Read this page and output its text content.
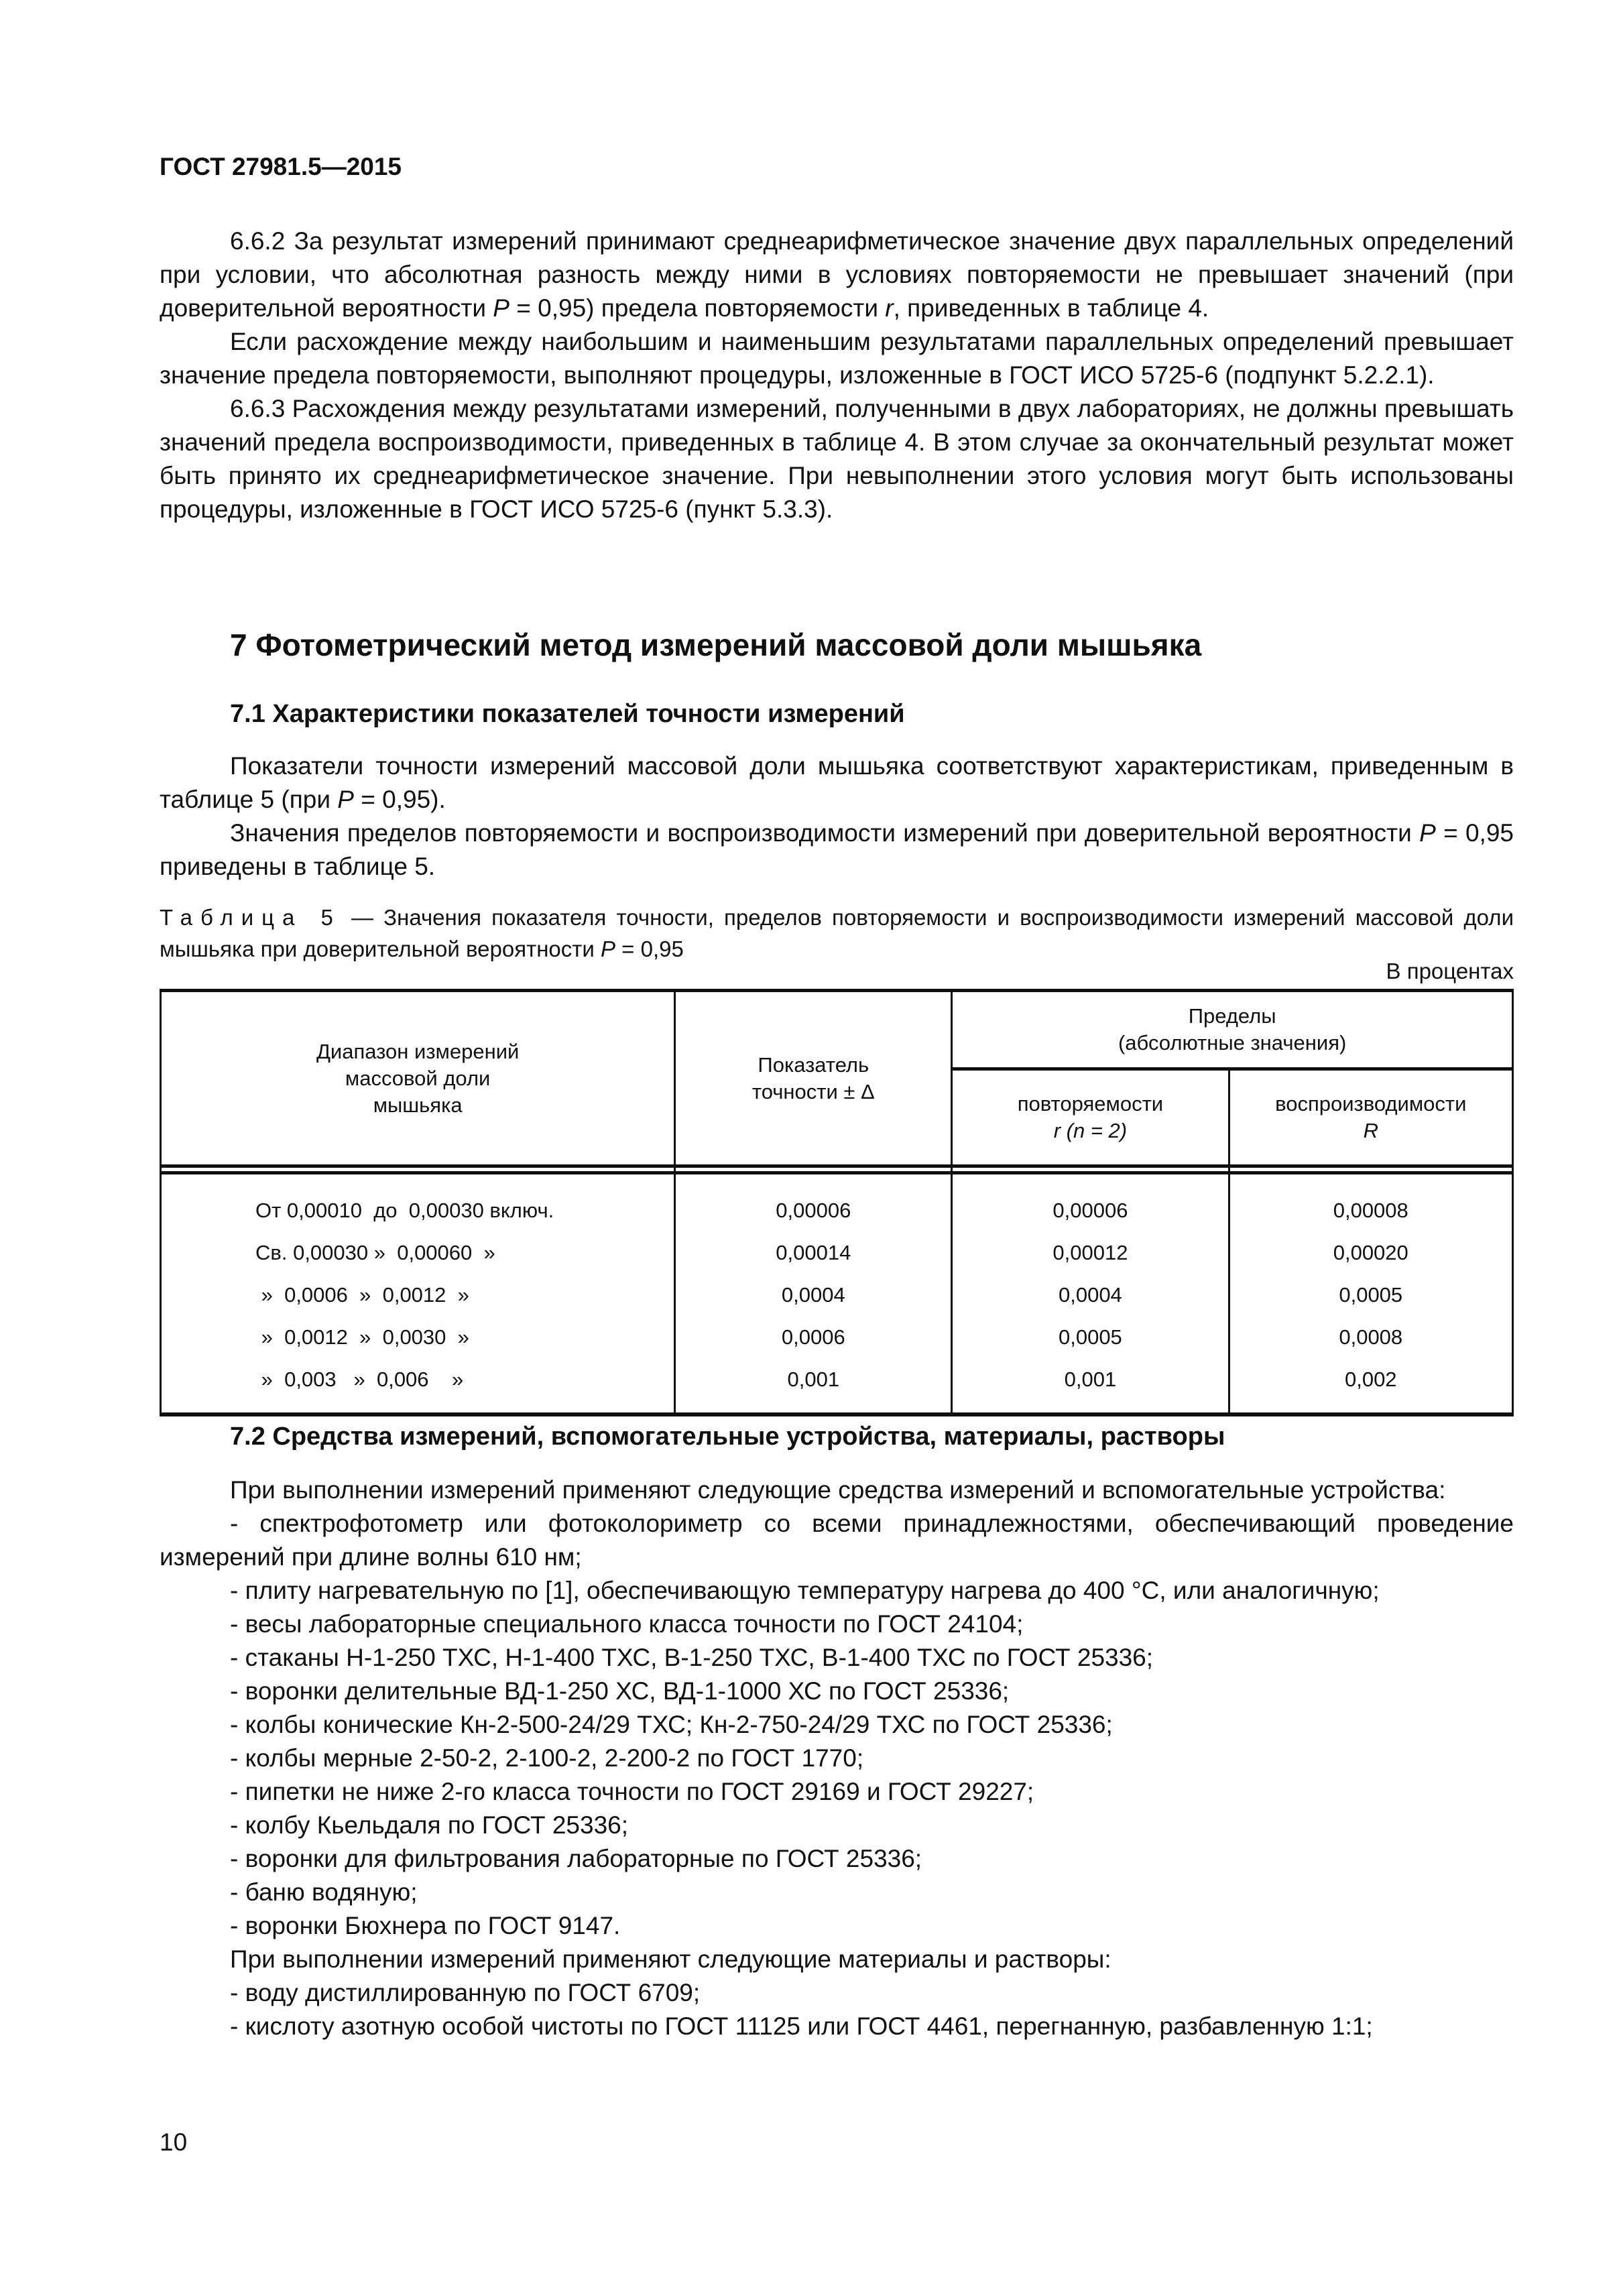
ГОСТ 27981.5—2015

6.6.2 За результат измерений принимают среднеарифметическое значение двух параллельных определений при условии, что абсолютная разность между ними в условиях повторяемости не превышает значений (при доверительной вероятности P = 0,95) предела повторяемости r, приведенных в таблице 4.

Если расхождение между наибольшим и наименьшим результатами параллельных определений превышает значение предела повторяемости, выполняют процедуры, изложенные в ГОСТ ИСО 5725-6 (подпункт 5.2.2.1).

6.6.3 Расхождения между результатами измерений, полученными в двух лабораториях, не должны превышать значений предела воспроизводимости, приведенных в таблице 4. В этом случае за окончательный результат может быть принято их среднеарифметическое значение. При невыполнении этого условия могут быть использованы процедуры, изложенные в ГОСТ ИСО 5725-6 (пункт 5.3.3).

7 Фотометрический метод измерений массовой доли мышьяка
7.1 Характеристики показателей точности измерений

Показатели точности измерений массовой доли мышьяка соответствуют характеристикам, приведенным в таблице 5 (при P = 0,95).

Значения пределов повторяемости и воспроизводимости измерений при доверительной вероятности P = 0,95 приведены в таблице 5.

Таблица 5 — Значения показателя точности, пределов повторяемости и воспроизводимости измерений массовой доли мышьяка при доверительной вероятности P = 0,95
В процентах
Диапазон измерений
массовой доли
мышьяка

Показатель
точности ± Δ

Пределы
(абсолютные значения)

повторяемости
r (n = 2)

воспроизводимости
R

От 0,00010  до  0,00030 включ.	0,00006	0,00006	0,00008
Св. 0,00030 »  0,00060  »	0,00014	0,00012	0,00020
»  0,0006  »  0,0012  »	0,0004	0,0004	0,0005
»  0,0012  »  0,0030  »	0,0006	0,0005	0,0008
»  0,003   »  0,006    »	0,001	0,001	0,002
7.2 Средства измерений, вспомогательные устройства, материалы, растворы

При выполнении измерений применяют следующие средства измерений и вспомогательные устройства:

- спектрофотометр или фотоколориметр со всеми принадлежностями, обеспечивающий проведение измерений при длине волны 610 нм;
- плиту нагревательную по [1], обеспечивающую температуру нагрева до 400 °С, или аналогичную;
- весы лабораторные специального класса точности по ГОСТ 24104;
- стаканы Н-1-250 ТХС, Н-1-400 ТХС, В-1-250 ТХС, В-1-400 ТХС по ГОСТ 25336;
- воронки делительные ВД-1-250 ХС, ВД-1-1000 ХС по ГОСТ 25336;
- колбы конические Кн-2-500-24/29 ТХС; Кн-2-750-24/29 ТХС по ГОСТ 25336;
- колбы мерные 2-50-2, 2-100-2, 2-200-2 по ГОСТ 1770;
- пипетки не ниже 2-го класса точности по ГОСТ 29169 и ГОСТ 29227;
- колбу Кьельдаля по ГОСТ 25336;
- воронки для фильтрования лабораторные по ГОСТ 25336;
- баню водяную;
- воронки Бюхнера по ГОСТ 9147.

При выполнении измерений применяют следующие материалы и растворы:

- воду дистиллированную по ГОСТ 6709;
- кислоту азотную особой чистоты по ГОСТ 11125 или ГОСТ 4461, перегнанную, разбавленную 1:1;
10
